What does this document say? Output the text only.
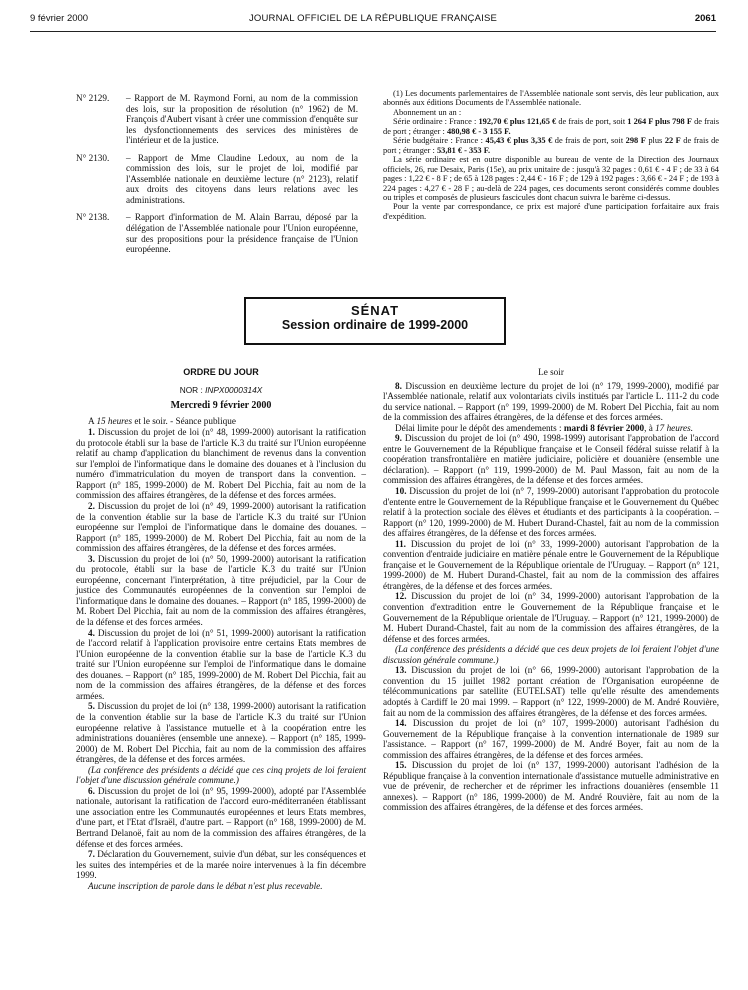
9 février 2000	JOURNAL OFFICIEL DE LA RÉPUBLIQUE FRANÇAISE	2061
N° 2129. – Rapport de M. Raymond Forni, au nom de la commission des lois, sur la proposition de résolution (n° 1962) de M. François d'Aubert visant à créer une commission d'enquête sur les dysfonctionnements des services des ministères de l'intérieur et de la justice.
N° 2130. – Rapport de Mme Claudine Ledoux, au nom de la commission des lois, sur le projet de loi, modifié par l'Assemblée nationale en deuxième lecture (n° 2123), relatif aux droits des citoyens dans leurs relations avec les administrations.
N° 2138. – Rapport d'information de M. Alain Barrau, déposé par la délégation de l'Assemblée nationale pour l'Union européenne, sur des propositions pour la présidence française de l'Union européenne.

(1) Les documents parlementaires de l'Assemblée nationale sont servis, dès leur publication, aux abonnés aux éditions Documents de l'Assemblée nationale.

Abonnement un an :

Série ordinaire : France : 192,70 € plus 121,65 € de frais de port, soit 1 264 F plus 798 F de frais de port ; étranger : 480,98 € - 3 155 F.

Série budgétaire : France : 45,43 € plus 3,35 € de frais de port, soit 298 F plus 22 F de frais de port ; étranger : 53,81 € - 353 F.

La série ordinaire est en outre disponible au bureau de vente de la Direction des Journaux officiels, 26, rue Desaix, Paris (15e), au prix unitaire de : jusqu'à 32 pages : 0,61 € - 4 F ; de 33 à 64 pages : 1,22 € - 8 F ; de 65 à 128 pages : 2,44 € - 16 F ; de 129 à 192 pages : 3,66 € - 24 F ; de 193 à 224 pages : 4,27 € - 28 F ; au-delà de 224 pages, ces documents seront considérés comme doubles ou triples et composés de plusieurs fascicules dont chacun suivra le barème ci-dessus.

Pour la vente par correspondance, ce prix est majoré d'une participation forfaitaire aux frais d'expédition.

SÉNAT
Session ordinaire de 1999-2000
ORDRE DU JOUR
NOR : INPX0000314X
Mercredi 9 février 2000

A 15 heures et le soir. - Séance publique

1. Discussion du projet de loi (n° 48, 1999-2000) autorisant la ratification du protocole établi sur la base de l'article K.3 du traité sur l'Union européenne relatif au champ d'application du blanchiment de revenus dans la convention sur l'emploi de l'informatique dans le domaine des douanes et à l'inclusion du numéro d'immatriculation du moyen de transport dans la convention. – Rapport (n° 185, 1999-2000) de M. Robert Del Picchia, fait au nom de la commission des affaires étrangères, de la défense et des forces armées.

2. Discussion du projet de loi (n° 49, 1999-2000) autorisant la ratification de la convention établie sur la base de l'article K.3 du traité sur l'Union européenne sur l'emploi de l'informatique dans le domaine des douanes. – Rapport (n° 185, 1999-2000) de M. Robert Del Picchia, fait au nom de la commission des affaires étrangères, de la défense et des forces armées.

3. Discussion du projet de loi (n° 50, 1999-2000) autorisant la ratification du protocole, établi sur la base de l'article K.3 du traité sur l'Union européenne, concernant l'interprétation, à titre préjudiciel, par la Cour de justice des Communautés européennes de la convention sur l'emploi de l'informatique dans le domaine des douanes. – Rapport (n° 185, 1999-2000) de M. Robert Del Picchia, fait au nom de la commission des affaires étrangères, de la défense et des forces armées.

4. Discussion du projet de loi (n° 51, 1999-2000) autorisant la ratification de l'accord relatif à l'application provisoire entre certains Etats membres de l'Union européenne de la convention établie sur la base de l'article K.3 du traité sur l'Union européenne sur l'emploi de l'informatique dans le domaine des douanes. – Rapport (n° 185, 1999-2000) de M. Robert Del Picchia, fait au nom de la commission des affaires étrangères, de la défense et des forces armées.

5. Discussion du projet de loi (n° 138, 1999-2000) autorisant la ratification de la convention établie sur la base de l'article K.3 du traité sur l'Union européenne relative à l'assistance mutuelle et à la coopération entre les administrations douanières (ensemble une annexe). – Rapport (n° 185, 1999-2000) de M. Robert Del Picchia, fait au nom de la commission des affaires étrangères, de la défense et des forces armées.

(La conférence des présidents a décidé que ces cinq projets de loi feraient l'objet d'une discussion générale commune.)

6. Discussion du projet de loi (n° 95, 1999-2000), adopté par l'Assemblée nationale, autorisant la ratification de l'accord euro-méditerranéen établissant une association entre les Communautés européennes et leurs Etats membres, d'une part, et l'Etat d'Israël, d'autre part. – Rapport (n° 168, 1999-2000) de M. Bertrand Delanoë, fait au nom de la commission des affaires étrangères, de la défense et des forces armées.

7. Déclaration du Gouvernement, suivie d'un débat, sur les conséquences et les suites des intempéries et de la marée noire intervenues à la fin décembre 1999.

Aucune inscription de parole dans le débat n'est plus recevable.

Le soir

8. Discussion en deuxième lecture du projet de loi (n° 179, 1999-2000), modifié par l'Assemblée nationale, relatif aux volontariats civils institués par l'article L. 111-2 du code du service national. – Rapport (n° 199, 1999-2000) de M. Robert Del Picchia, fait au nom de la commission des affaires étrangères, de la défense et des forces armées.

Délai limite pour le dépôt des amendements : mardi 8 février 2000, à 17 heures.

9. Discussion du projet de loi (n° 490, 1998-1999) autorisant l'approbation de l'accord entre le Gouvernement de la République française et le Conseil fédéral suisse relatif à la coopération transfrontalière en matière judiciaire, policière et douanière (ensemble une déclaration). – Rapport (n° 119, 1999-2000) de M. Paul Masson, fait au nom de la commission des affaires étrangères, de la défense et des forces armées.

10. Discussion du projet de loi (n° 7, 1999-2000) autorisant l'approbation du protocole d'entente entre le Gouvernement de la République française et le Gouvernement du Québec relatif à la protection sociale des élèves et étudiants et des participants à la coopération. – Rapport (n° 120, 1999-2000) de M. Hubert Durand-Chastel, fait au nom de la commission des affaires étrangères, de la défense et des forces armées.

11. Discussion du projet de loi (n° 33, 1999-2000) autorisant l'approbation de la convention d'entraide judiciaire en matière pénale entre le Gouvernement de la République française et le Gouvernement de la République orientale de l'Uruguay. – Rapport (n° 121, 1999-2000) de M. Hubert Durand-Chastel, fait au nom de la commission des affaires étrangères, de la défense et des forces armées.

12. Discussion du projet de loi (n° 34, 1999-2000) autorisant l'approbation de la convention d'extradition entre le Gouvernement de la République française et le Gouvernement de la République orientale de l'Uruguay. – Rapport (n° 121, 1999-2000) de M. Hubert Durand-Chastel, fait au nom de la commission des affaires étrangères, de la défense et des forces armées.

(La conférence des présidents a décidé que ces deux projets de loi feraient l'objet d'une discussion générale commune.)

13. Discussion du projet de loi (n° 66, 1999-2000) autorisant l'approbation de la convention du 15 juillet 1982 portant création de l'Organisation européenne de télécommunications par satellite (EUTELSAT) telle qu'elle résulte des amendements adoptés à Cardiff le 20 mai 1999. – Rapport (n° 122, 1999-2000) de M. André Rouvière, fait au nom de la commission des affaires étrangères, de la défense et des forces armées.

14. Discussion du projet de loi (n° 107, 1999-2000) autorisant l'adhésion du Gouvernement de la République française à la convention internationale de 1989 sur l'assistance. – Rapport (n° 167, 1999-2000) de M. André Boyer, fait au nom de la commission des affaires étrangères, de la défense et des forces armées.

15. Discussion du projet de loi (n° 137, 1999-2000) autorisant l'adhésion de la République française à la convention internationale d'assistance mutuelle administrative en vue de prévenir, de rechercher et de réprimer les infractions douanières (ensemble 11 annexes). – Rapport (n° 186, 1999-2000) de M. André Rouvière, fait au nom de la commission des affaires étrangères, de la défense et des forces armées.
